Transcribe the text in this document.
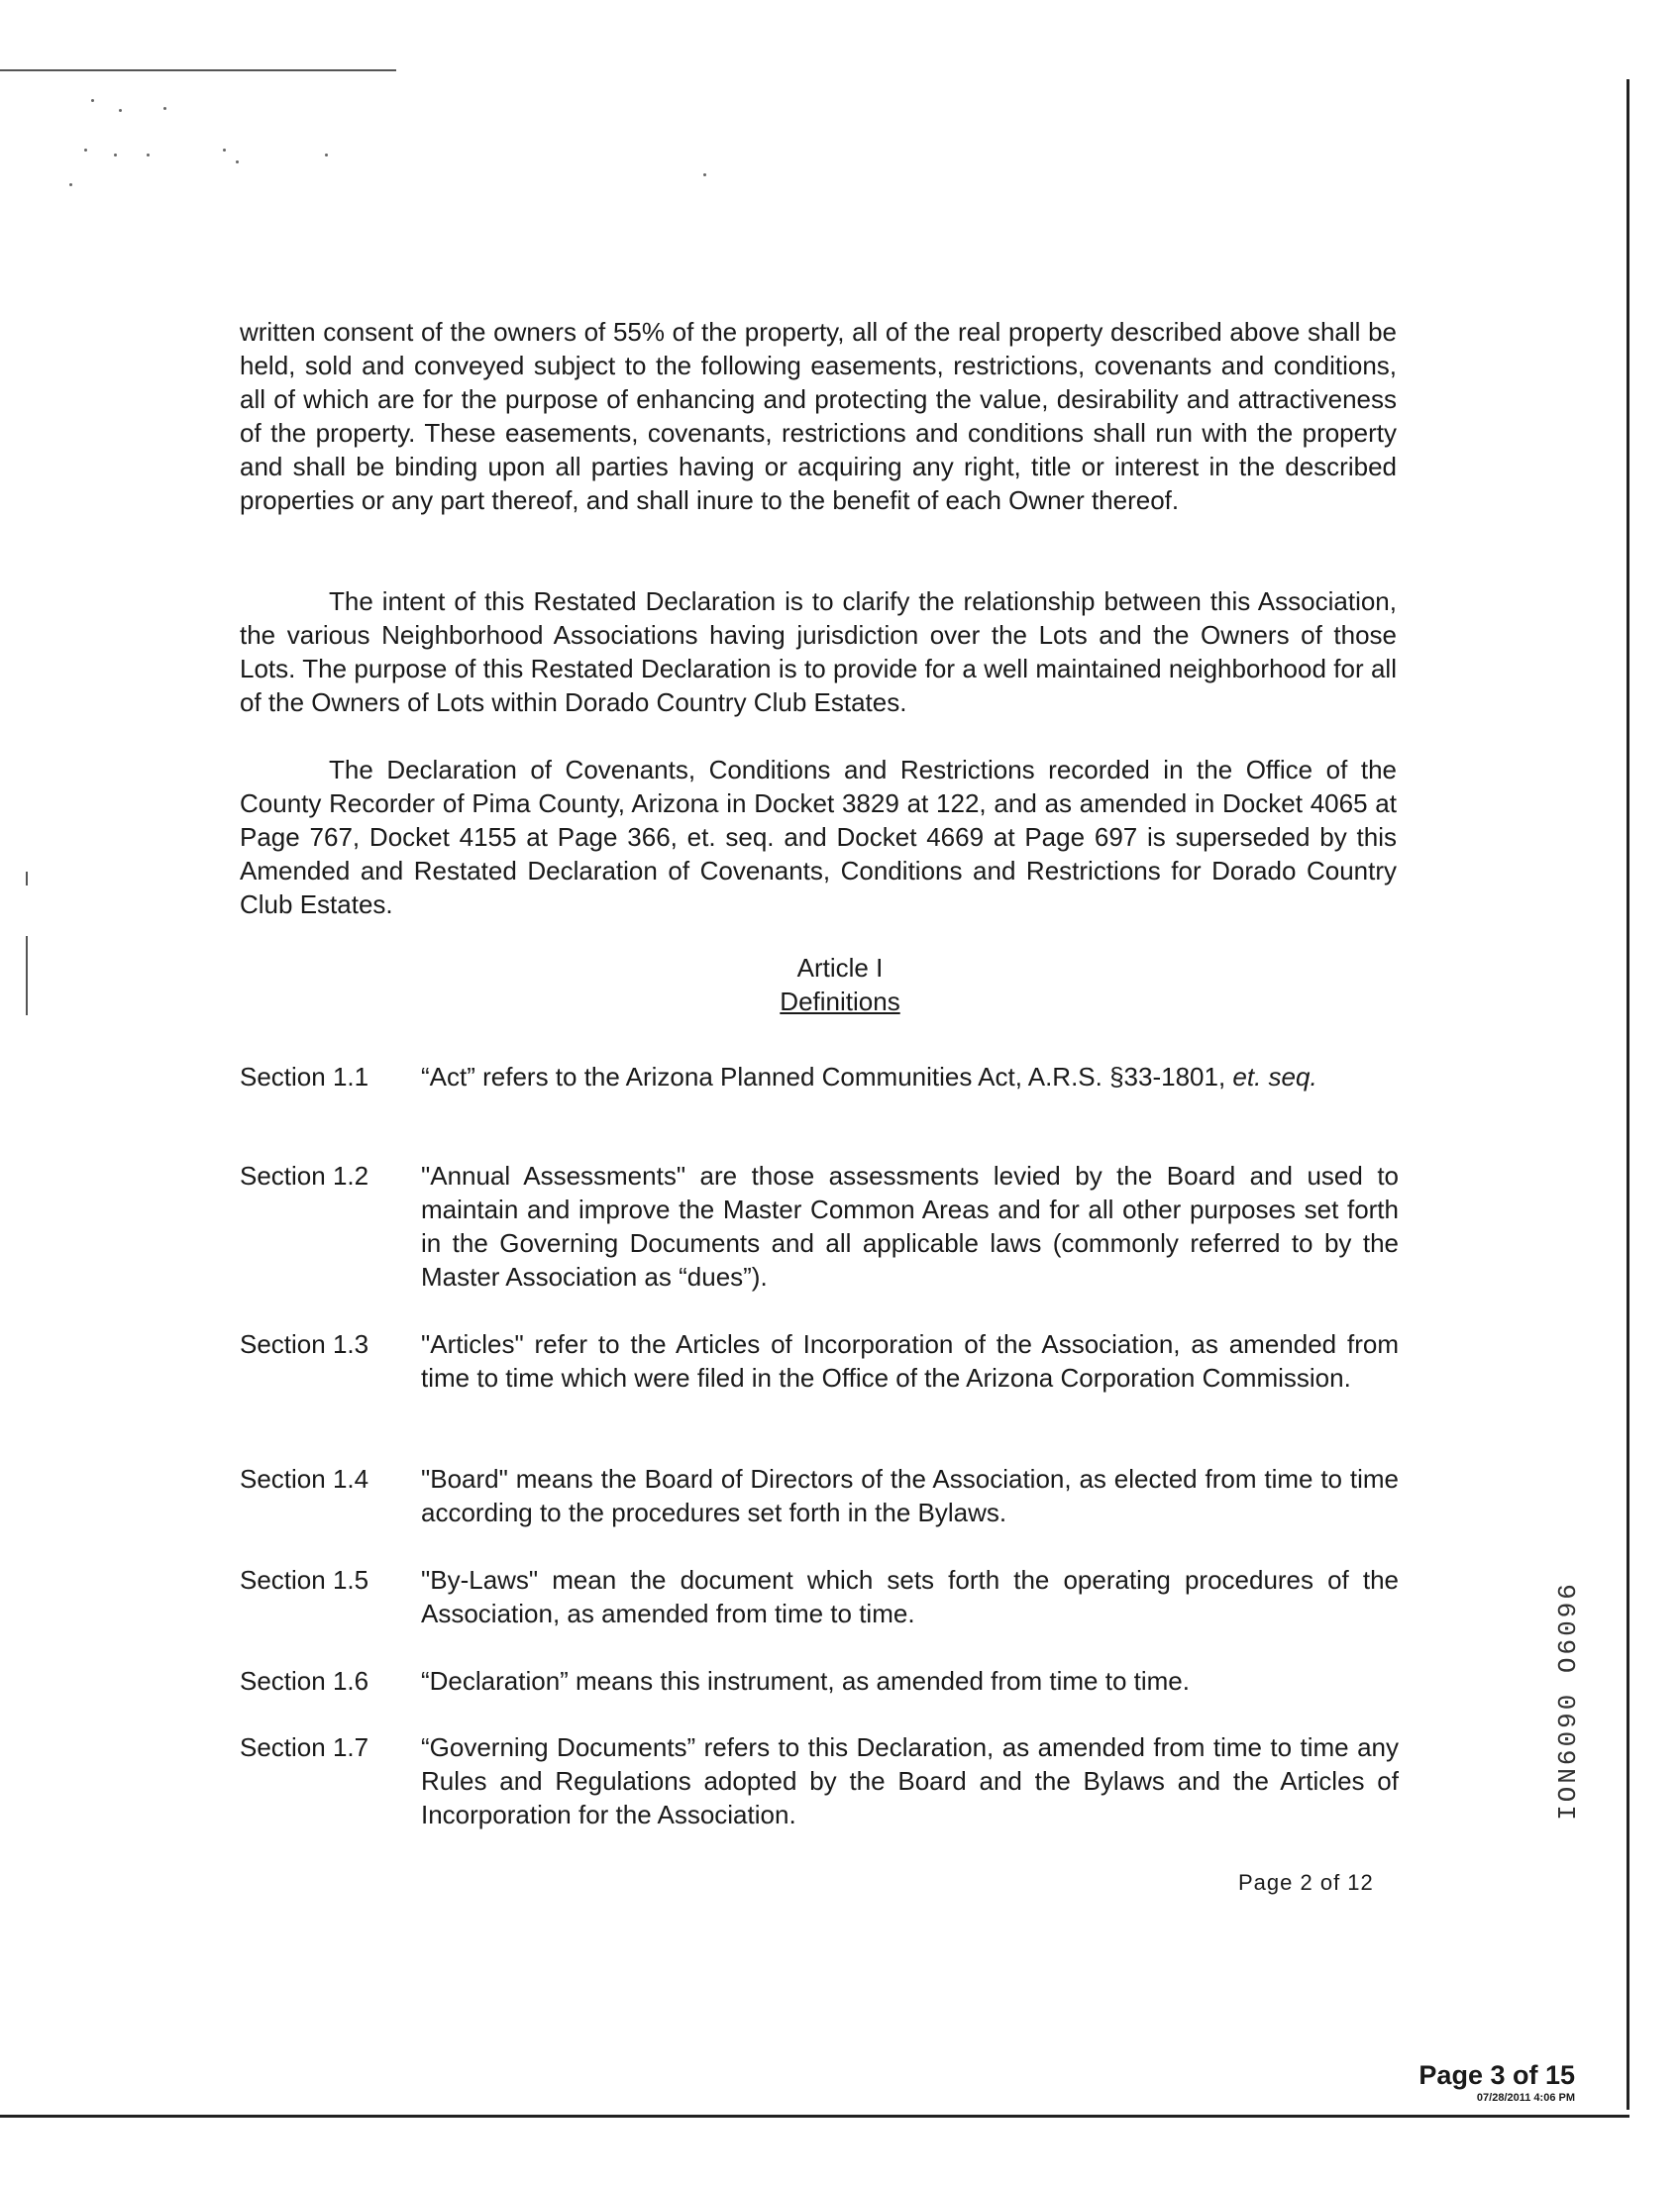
written consent of the owners of 55% of the property, all of the real property described above shall be held, sold and conveyed subject to the following easements, restrictions, covenants and conditions, all of which are for the purpose of enhancing and protecting the value, desirability and attractiveness of the property. These easements, covenants, restrictions and conditions shall run with the property and shall be binding upon all parties having or acquiring any right, title or interest in the described properties or any part thereof, and shall inure to the benefit of each Owner thereof.

The intent of this Restated Declaration is to clarify the relationship between this Association, the various Neighborhood Associations having jurisdiction over the Lots and the Owners of those Lots. The purpose of this Restated Declaration is to provide for a well maintained neighborhood for all of the Owners of Lots within Dorado Country Club Estates.

The Declaration of Covenants, Conditions and Restrictions recorded in the Office of the County Recorder of Pima County, Arizona in Docket 3829 at 122, and as amended in Docket 4065 at Page 767, Docket 4155 at Page 366, et. seq. and Docket 4669 at Page 697 is superseded by this Amended and Restated Declaration of Covenants, Conditions and Restrictions for Dorado Country Club Estates.

Article I
Definitions
Section 1.1	“Act” refers to the Arizona Planned Communities Act, A.R.S. §33-1801, et. seq.
Section 1.2	"Annual Assessments" are those assessments levied by the Board and used to maintain and improve the Master Common Areas and for all other purposes set forth in the Governing Documents and all applicable laws (commonly referred to by the Master Association as “dues”).
Section 1.3	"Articles" refer to the Articles of Incorporation of the Association, as amended from time to time which were filed in the Office of the Arizona Corporation Commission.
Section 1.4	"Board" means the Board of Directors of the Association, as elected from time to time according to the procedures set forth in the Bylaws.
Section 1.5	"By-Laws" mean the document which sets forth the operating procedures of the Association, as amended from time to time.
Section 1.6	“Declaration” means this instrument, as amended from time to time.
Section 1.7	“Governing Documents” refers to this Declaration, as amended from time to time any Rules and Regulations adopted by the Board and the Bylaws and the Articles of Incorporation for the Association.
Page 2 of 12
9609O 0609NOI
Page 3 of 15
07/28/2011 4:06 PM
